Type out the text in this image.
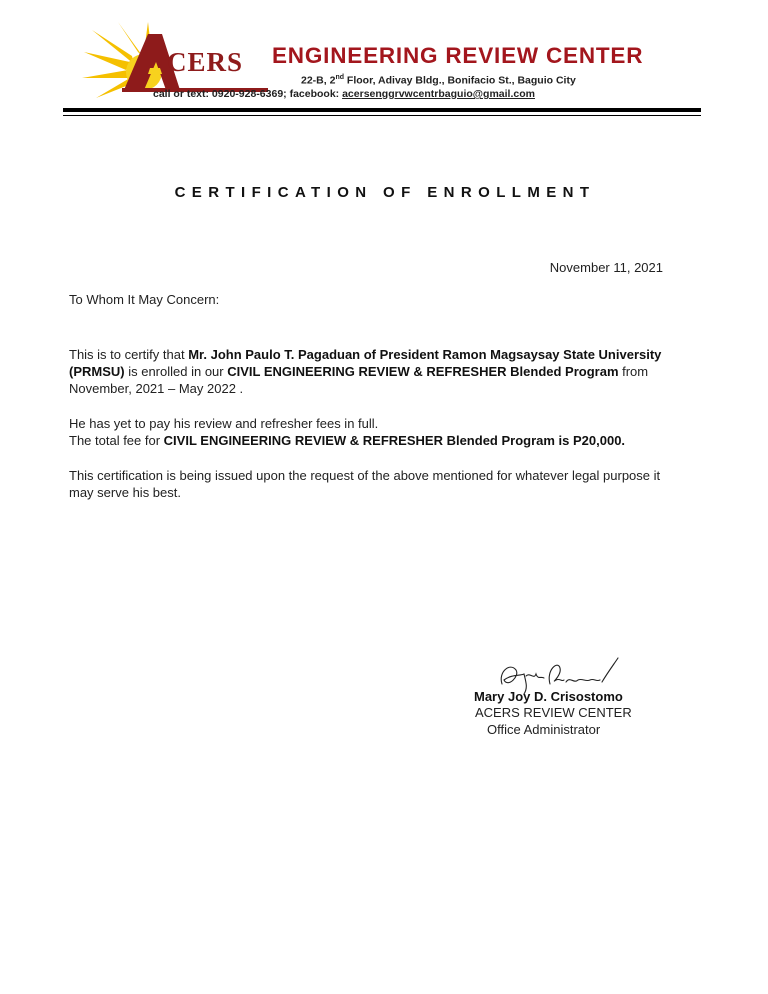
CERS ENGINEERING REVIEW CENTER
22-B, 2nd Floor, Adivay Bldg., Bonifacio St., Baguio City
call or text: 0920-928-6369; facebook: acersenggrvwcentrbaguio@gmail.com
CERTIFICATION OF ENROLLMENT
November 11, 2021
To Whom It May Concern:
This is to certify that Mr. John Paulo T. Pagaduan of President Ramon Magsaysay State University (PRMSU) is enrolled in our CIVIL ENGINEERING REVIEW & REFRESHER Blended Program from November, 2021 – May 2022 .
He has yet to pay his review and refresher fees in full.
The total fee for CIVIL ENGINEERING REVIEW & REFRESHER Blended Program is P20,000.
This certification is being issued upon the request of the above mentioned for whatever legal purpose it may serve his best.
Mary Joy D. Crisostomo
ACERS REVIEW CENTER
Office Administrator
